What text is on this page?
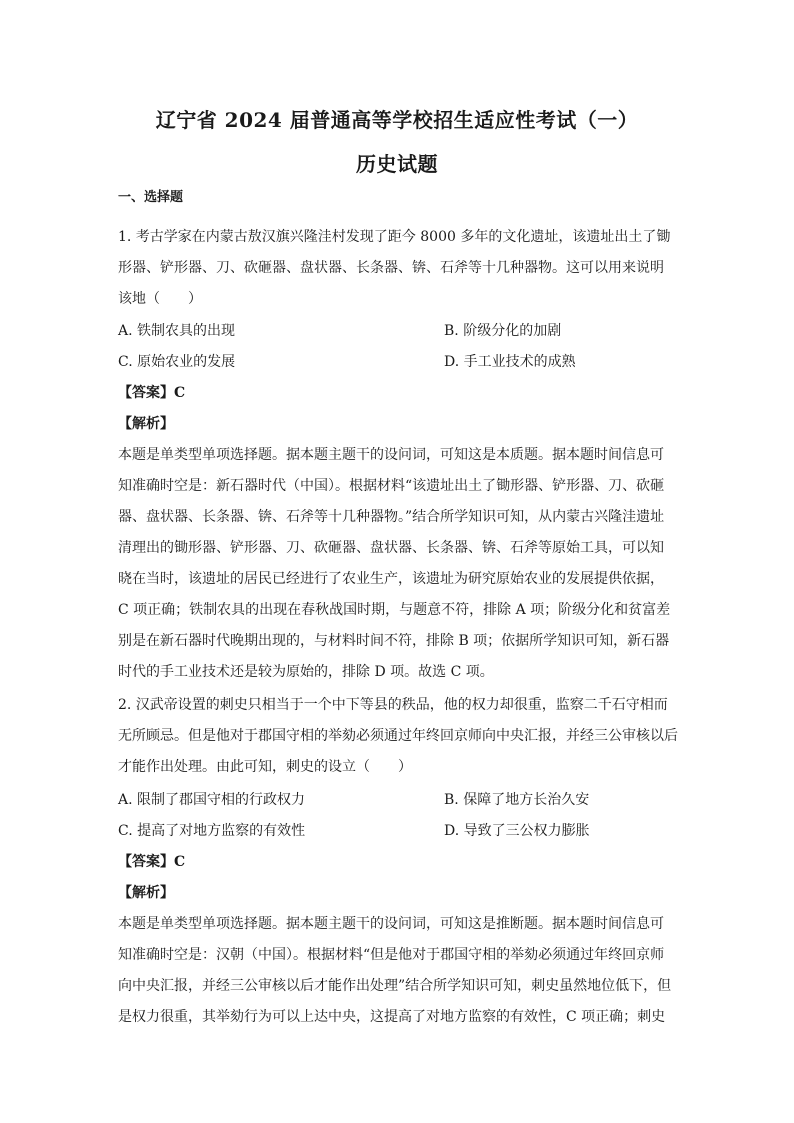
辽宁省 2024 届普通高等学校招生适应性考试（一）
历史试题
一、选择题
1. 考古学家在内蒙古敖汉旗兴隆洼村发现了距今 8000 多年的文化遗址，该遗址出土了锄
形器、铲形器、刀、砍砸器、盘状器、长条器、锛、石斧等十几种器物。这可以用来说明
该地（　　）
A. 铁制农具的出现	B. 阶级分化的加剧
C. 原始农业的发展	D. 手工业技术的成熟
【答案】C
【解析】
本题是单类型单项选择题。据本题主题干的设问词，可知这是本质题。据本题时间信息可
知准确时空是：新石器时代（中国）。根据材料“该遗址出土了锄形器、铲形器、刀、砍砸
器、盘状器、长条器、锛、石斧等十几种器物。”结合所学知识可知，从内蒙古兴隆洼遗址
清理出的锄形器、铲形器、刀、砍砸器、盘状器、长条器、锛、石斧等原始工具，可以知
晓在当时，该遗址的居民已经进行了农业生产，该遗址为研究原始农业的发展提供依据，
C 项正确；铁制农具的出现在春秋战国时期，与题意不符，排除 A 项；阶级分化和贫富差
别是在新石器时代晚期出现的，与材料时间不符，排除 B 项；依据所学知识可知，新石器
时代的手工业技术还是较为原始的，排除 D 项。故选 C 项。
2. 汉武帝设置的刺史只相当于一个中下等县的秩品，他的权力却很重，监察二千石守相而
无所顾忌。但是他对于郡国守相的举劾必须通过年终回京师向中央汇报，并经三公审核以后
才能作出处理。由此可知，刺史的设立（　　）
A. 限制了郡国守相的行政权力	B. 保障了地方长治久安
C. 提高了对地方监察的有效性	D. 导致了三公权力膨胀
【答案】C
【解析】
本题是单类型单项选择题。据本题主题干的设问词，可知这是推断题。据本题时间信息可
知准确时空是：汉朝（中国）。根据材料“但是他对于郡国守相的举劾必须通过年终回京师
向中央汇报，并经三公审核以后才能作出处理”结合所学知识可知，刺史虽然地位低下，但
是权力很重，其举劾行为可以上达中央，这提高了对地方监察的有效性，C 项正确；刺史
